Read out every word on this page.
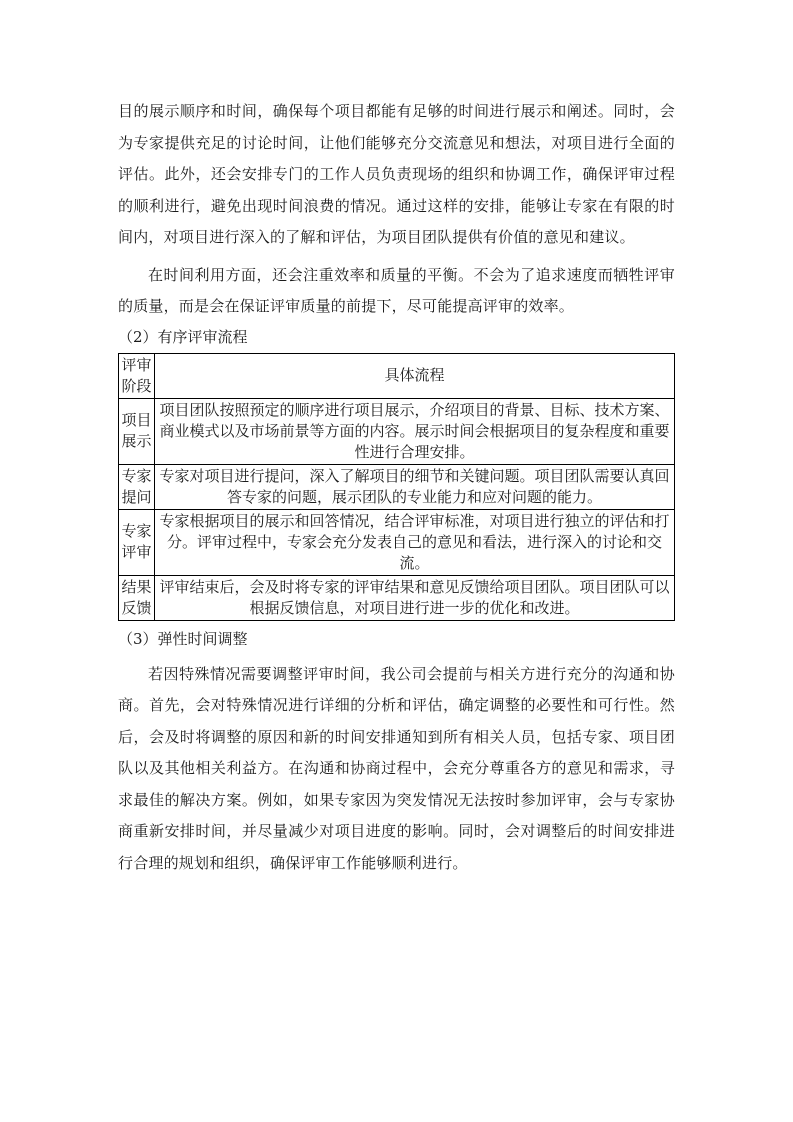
目的展示顺序和时间，确保每个项目都能有足够的时间进行展示和阐述。同时，会为专家提供充足的讨论时间，让他们能够充分交流意见和想法，对项目进行全面的评估。此外，还会安排专门的工作人员负责现场的组织和协调工作，确保评审过程的顺利进行，避免出现时间浪费的情况。通过这样的安排，能够让专家在有限的时间内，对项目进行深入的了解和评估，为项目团队提供有价值的意见和建议。

在时间利用方面，还会注重效率和质量的平衡。不会为了追求速度而牺牲评审的质量，而是会在保证评审质量的前提下，尽可能提高评审的效率。

（2）有序评审流程

评审阶段	具体流程
项目展示	项目团队按照预定的顺序进行项目展示，介绍项目的背景、目标、技术方案、商业模式以及市场前景等方面的内容。展示时间会根据项目的复杂程度和重要性进行合理安排。
专家提问	专家对项目进行提问，深入了解项目的细节和关键问题。项目团队需要认真回答专家的问题，展示团队的专业能力和应对问题的能力。
专家评审	专家根据项目的展示和回答情况，结合评审标准，对项目进行独立的评估和打分。评审过程中，专家会充分发表自己的意见和看法，进行深入的讨论和交流。
结果反馈	评审结束后，会及时将专家的评审结果和意见反馈给项目团队。项目团队可以根据反馈信息，对项目进行进一步的优化和改进。

（3）弹性时间调整

若因特殊情况需要调整评审时间，我公司会提前与相关方进行充分的沟通和协商。首先，会对特殊情况进行详细的分析和评估，确定调整的必要性和可行性。然后，会及时将调整的原因和新的时间安排通知到所有相关人员，包括专家、项目团队以及其他相关利益方。在沟通和协商过程中，会充分尊重各方的意见和需求，寻求最佳的解决方案。例如，如果专家因为突发情况无法按时参加评审，会与专家协商重新安排时间，并尽量减少对项目进度的影响。同时，会对调整后的时间安排进行合理的规划和组织，确保评审工作能够顺利进行。
